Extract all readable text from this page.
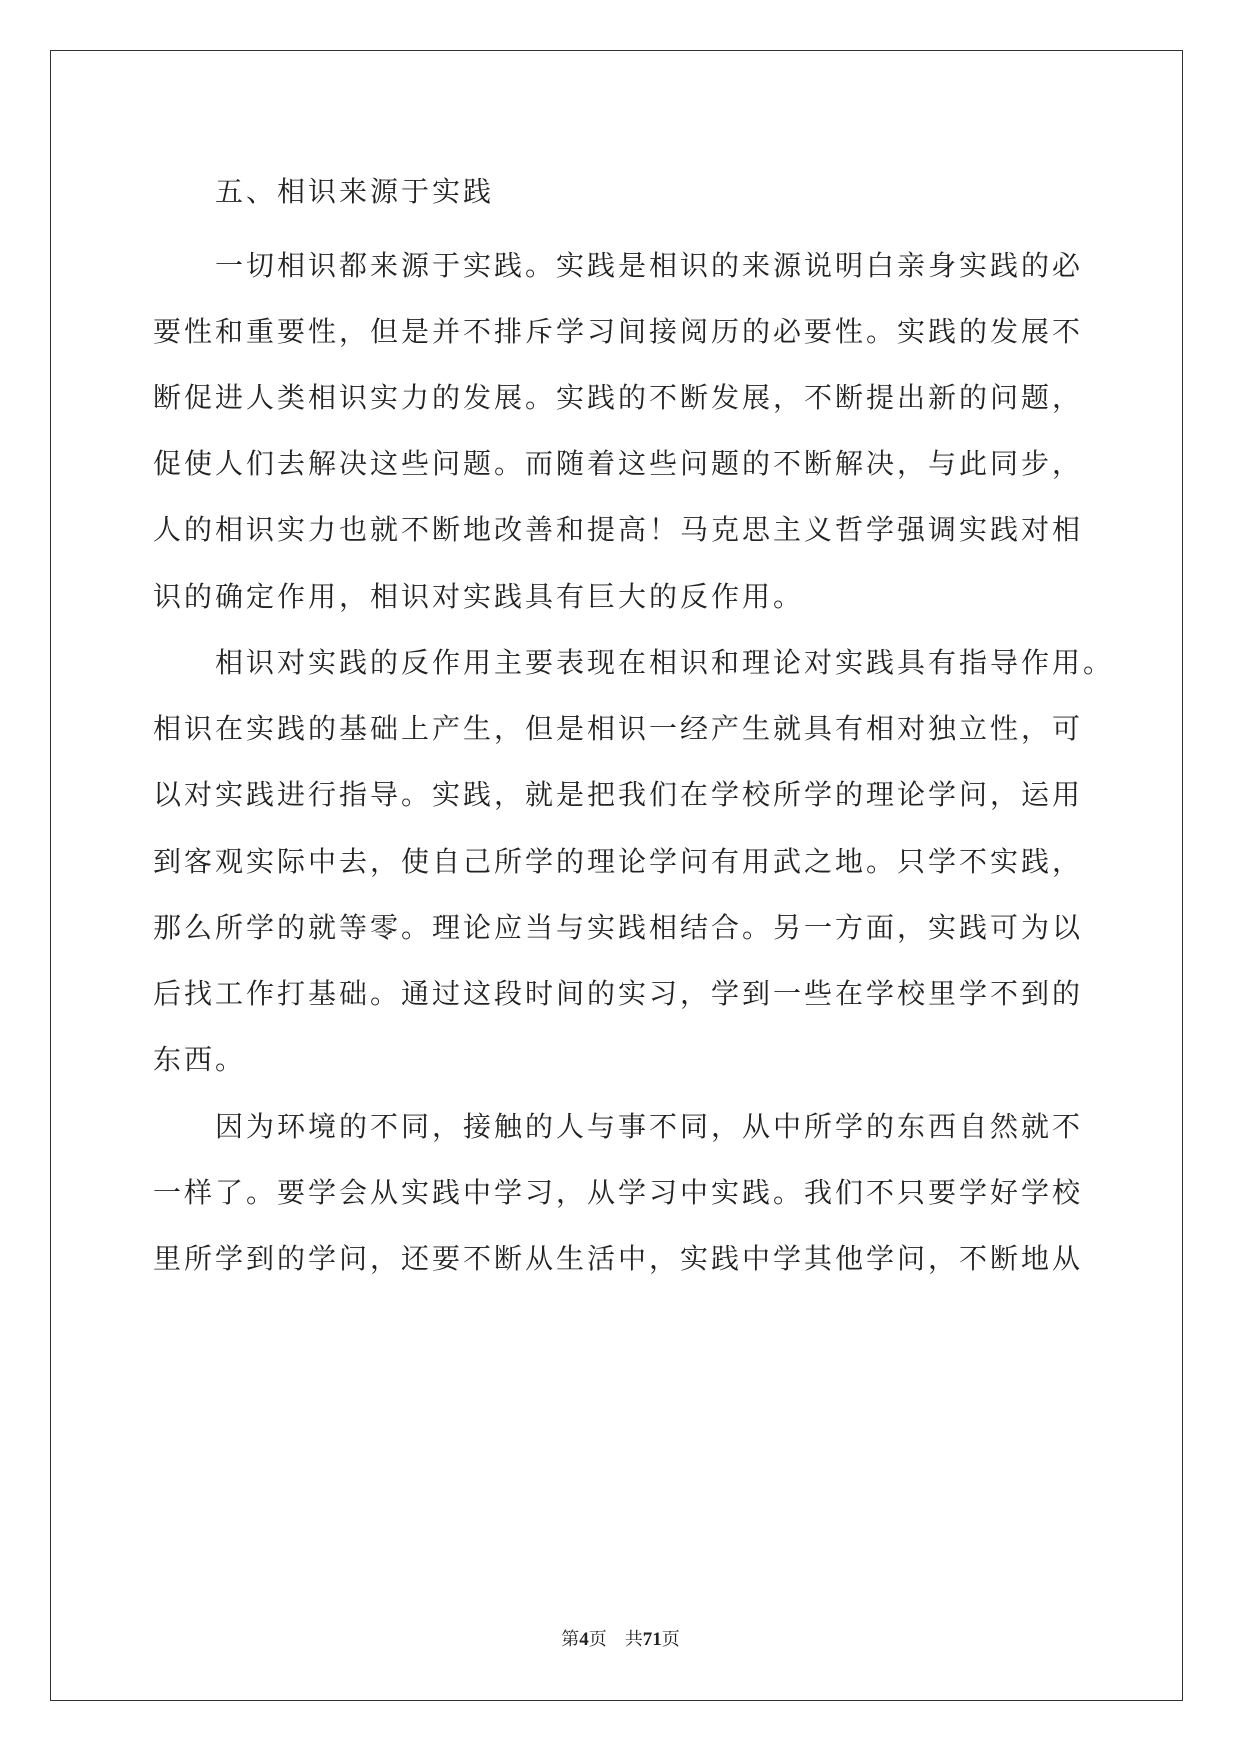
五、相识来源于实践
一切相识都来源于实践。实践是相识的来源说明白亲身实践的必
要性和重要性，但是并不排斥学习间接阅历的必要性。实践的发展不
断促进人类相识实力的发展。实践的不断发展，不断提出新的问题，
促使人们去解决这些问题。而随着这些问题的不断解决，与此同步，
人的相识实力也就不断地改善和提高！马克思主义哲学强调实践对相
识的确定作用，相识对实践具有巨大的反作用。
相识对实践的反作用主要表现在相识和理论对实践具有指导作用。
相识在实践的基础上产生，但是相识一经产生就具有相对独立性，可
以对实践进行指导。实践，就是把我们在学校所学的理论学问，运用
到客观实际中去，使自己所学的理论学问有用武之地。只学不实践，
那么所学的就等零。理论应当与实践相结合。另一方面，实践可为以
后找工作打基础。通过这段时间的实习，学到一些在学校里学不到的
东西。
因为环境的不同，接触的人与事不同，从中所学的东西自然就不
一样了。要学会从实践中学习，从学习中实践。我们不只要学好学校
里所学到的学问，还要不断从生活中，实践中学其他学问，不断地从
第4页　共71页
